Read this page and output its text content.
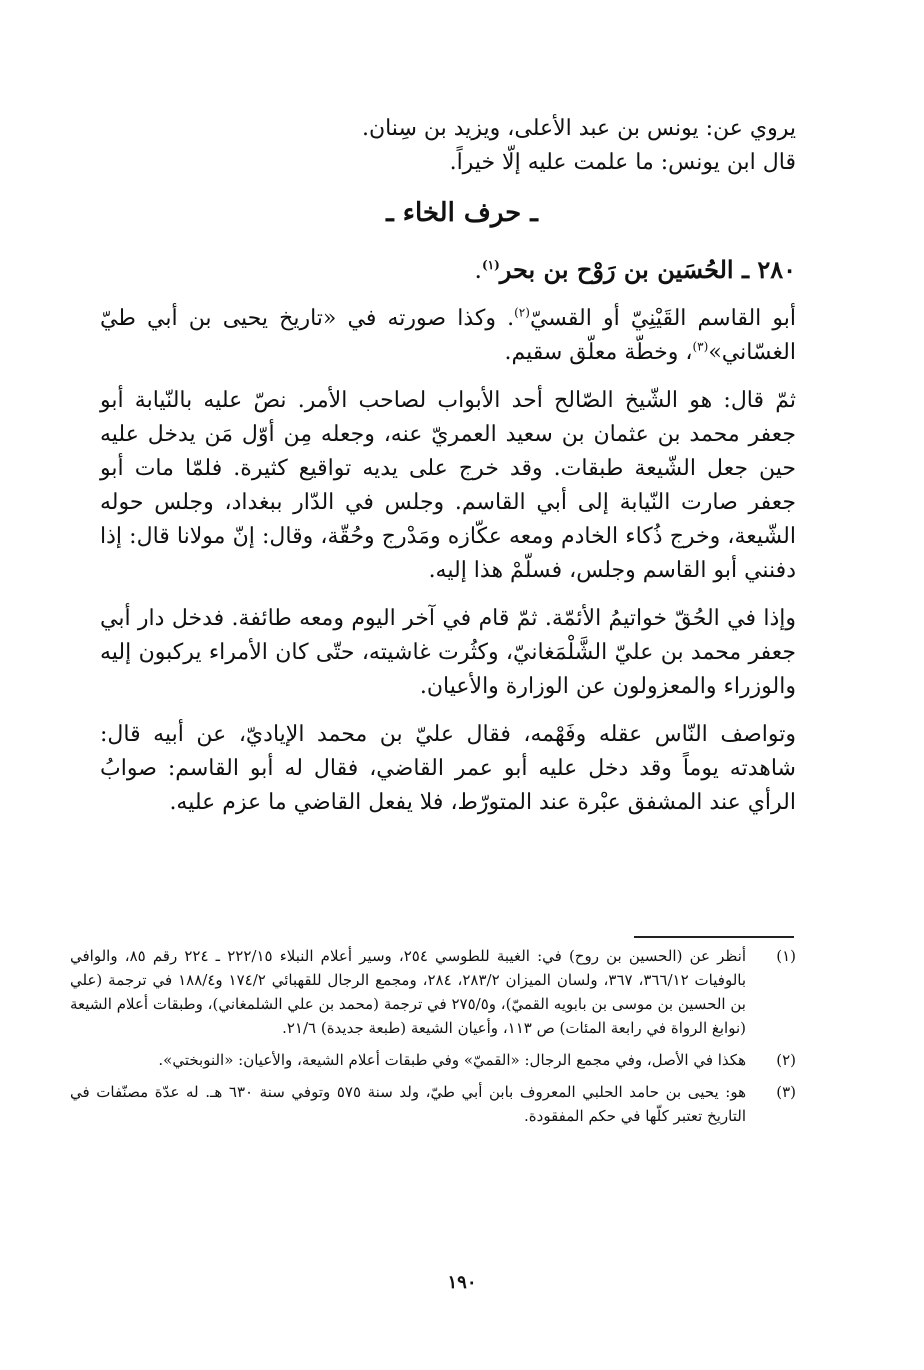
يروي عن: يونس بن عبد الأعلى، ويزيد بن سِنان.

قال ابن يونس: ما علمت عليه إلّا خيراً.

ـ حرف الخاء ـ
٢٨٠ ـ الحُسَين بن رَوْح بن بحر$^{(١)}$.

أبو القاسم القَيْنِيّ أو القسيّ$^{(٢)}$. وكذا صورته في «تاريخ يحيى بن أبي طيّ الغسّاني»$^{(٣)}$، وخطّة معلّق سقيم.

ثمّ قال: هو الشّيخ الصّالح أحد الأبواب لصاحب الأمر. نصّ عليه بالنّيابة أبو جعفر محمد بن عثمان بن سعيد العمريّ عنه، وجعله مِن أوّل مَن يدخل عليه حين جعل الشّيعة طبقات. وقد خرج على يديه تواقيع كثيرة. فلمّا مات أبو جعفر صارت النّيابة إلى أبي القاسم. وجلس في الدّار ببغداد، وجلس حوله الشّيعة، وخرج ذُكاء الخادم ومعه عكّازه ومَدْرج وحُقّة، وقال: إنّ مولانا قال: إذا دفنني أبو القاسم وجلس، فسلّمْ هذا إليه.

وإذا في الحُقّ خواتيمُ الأئمّة. ثمّ قام في آخر اليوم ومعه طائفة. فدخل دار أبي جعفر محمد بن عليّ الشَّلْمَغانيّ، وكثُرت غاشيته، حتّى كان الأمراء يركبون إليه والوزراء والمعزولون عن الوزارة والأعيان.

وتواصف النّاس عقله وفَهْمه، فقال عليّ بن محمد الإياديّ، عن أبيه قال: شاهدته يوماً وقد دخل عليه أبو عمر القاضي، فقال له أبو القاسم: صوابُ الرأي عند المشفق عبْرة عند المتورّط، فلا يفعل القاضي ما عزم عليه.

(١)
أنظر عن (الحسين بن روح) في: الغيبة للطوسي ٢٥٤، وسير أعلام النبلاء ٢٢٢/١٥ ـ ٢٢٤ رقم ٨٥، والوافي بالوفيات ٣٦٦/١٢، ٣٦٧، ولسان الميزان ٢٨٣/٢، ٢٨٤، ومجمع الرجال للقهبائي ١٧٤/٢ و١٨٨/٤ في ترجمة (علي بن الحسين بن موسى بن بابويه القميّ)، و٢٧٥/٥ في ترجمة (محمد بن علي الشلمغاني)، وطبقات أعلام الشيعة (نوابغ الرواة في رابعة المئات) ص ١١٣، وأعيان الشيعة (طبعة جديدة) ٢١/٦.
(٢)
هكذا في الأصل، وفي مجمع الرجال: «القميّ» وفي طبقات أعلام الشيعة، والأعيان: «النوبختي».
(٣)
هو: يحيى بن حامد الحلبي المعروف بابن أبي طيّ، ولد سنة ٥٧٥ وتوفي سنة ٦٣٠ هـ. له عدّة مصنّفات في التاريخ تعتبر كلّها في حكم المفقودة.
١٩٠
